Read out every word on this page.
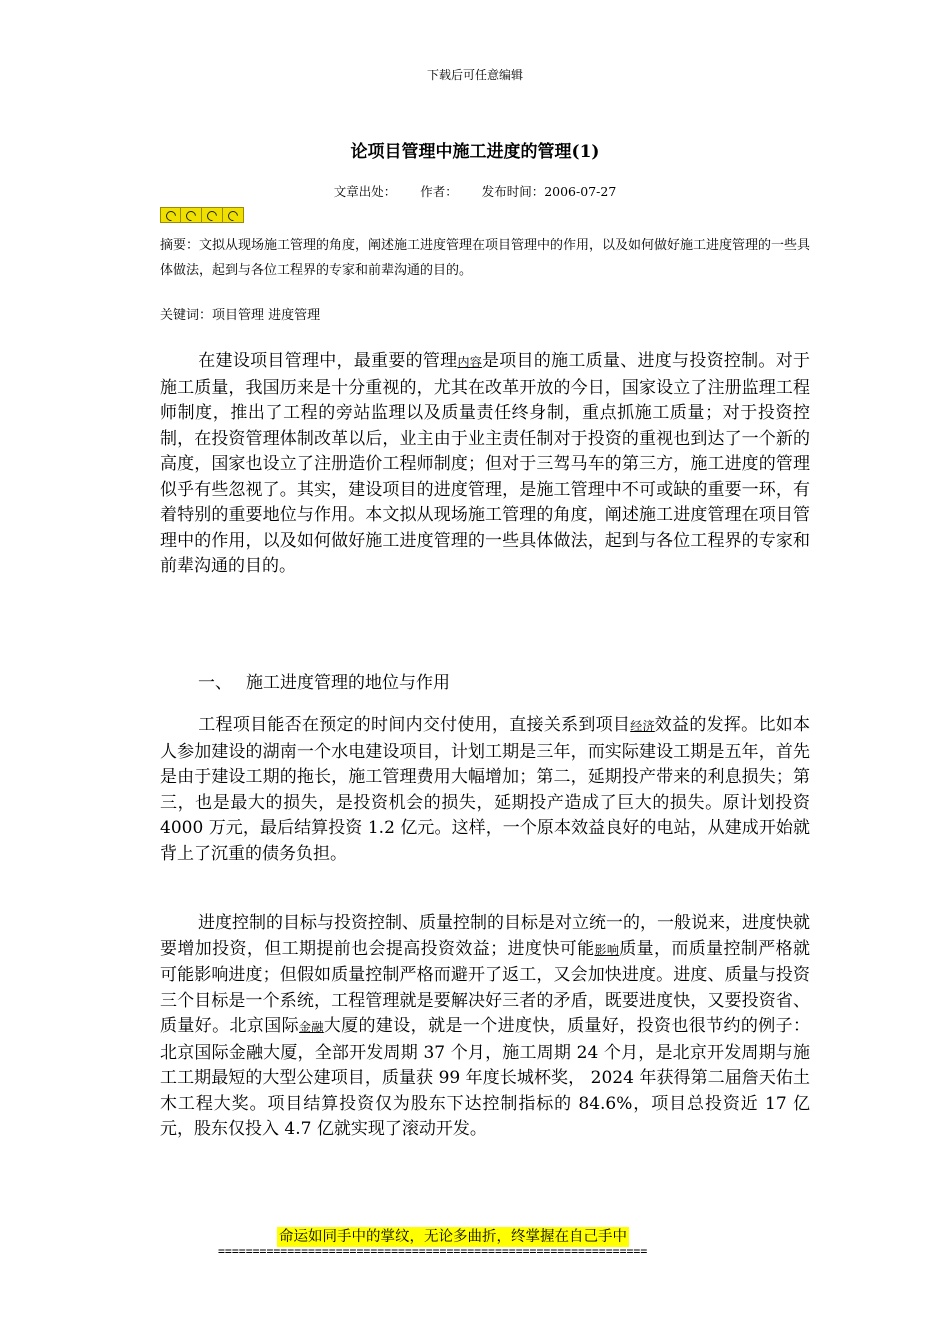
下载后可任意编辑
论项目管理中施工进度的管理(1)
文章出处： 作者： 发布时间：2006-07-27
摘要：文拟从现场施工管理的角度，阐述施工进度管理在项目管理中的作用，以及如何做好施工进度管理的一些具体做法，起到与各位工程界的专家和前辈沟通的目的。
关键词：项目管理 进度管理
在建设项目管理中，最重要的管理内容是项目的施工质量、进度与投资控制。对于施工质量，我国历来是十分重视的，尤其在改革开放的今日，国家设立了注册监理工程师制度，推出了工程的旁站监理以及质量责任终身制，重点抓施工质量；对于投资控制，在投资管理体制改革以后，业主由于业主责任制对于投资的重视也到达了一个新的高度，国家也设立了注册造价工程师制度；但对于三驾马车的第三方，施工进度的管理似乎有些忽视了。其实，建设项目的进度管理，是施工管理中不可或缺的重要一环，有着特别的重要地位与作用。本文拟从现场施工管理的角度，阐述施工进度管理在项目管理中的作用，以及如何做好施工进度管理的一些具体做法，起到与各位工程界的专家和前辈沟通的目的。
一、 施工进度管理的地位与作用
工程项目能否在预定的时间内交付使用，直接关系到项目经济效益的发挥。比如本人参加建设的湖南一个水电建设项目，计划工期是三年，而实际建设工期是五年，首先是由于建设工期的拖长，施工管理费用大幅增加；第二，延期投产带来的利息损失；第三，也是最大的损失，是投资机会的损失，延期投产造成了巨大的损失。原计划投资 4000 万元，最后结算投资 1.2 亿元。这样，一个原本效益良好的电站，从建成开始就背上了沉重的债务负担。
进度控制的目标与投资控制、质量控制的目标是对立统一的，一般说来，进度快就要增加投资，但工期提前也会提高投资效益；进度快可能影响质量，而质量控制严格就可能影响进度；但假如质量控制严格而避开了返工，又会加快进度。进度、质量与投资三个目标是一个系统，工程管理就是要解决好三者的矛盾，既要进度快，又要投资省、质量好。北京国际金融大厦的建设，就是一个进度快，质量好，投资也很节约的例子：北京国际金融大厦，全部开发周期 37 个月，施工周期 24 个月，是北京开发周期与施工工期最短的大型公建项目，质量获 99 年度长城杯奖， 2024 年获得第二届詹天佑土木工程大奖。项目结算投资仅为股东下达控制指标的 84.6%，项目总投资近 17 亿元，股东仅投入 4.7 亿就实现了滚动开发。
命运如同手中的掌纹，无论多曲折，终掌握在自己手中
==============================================================
